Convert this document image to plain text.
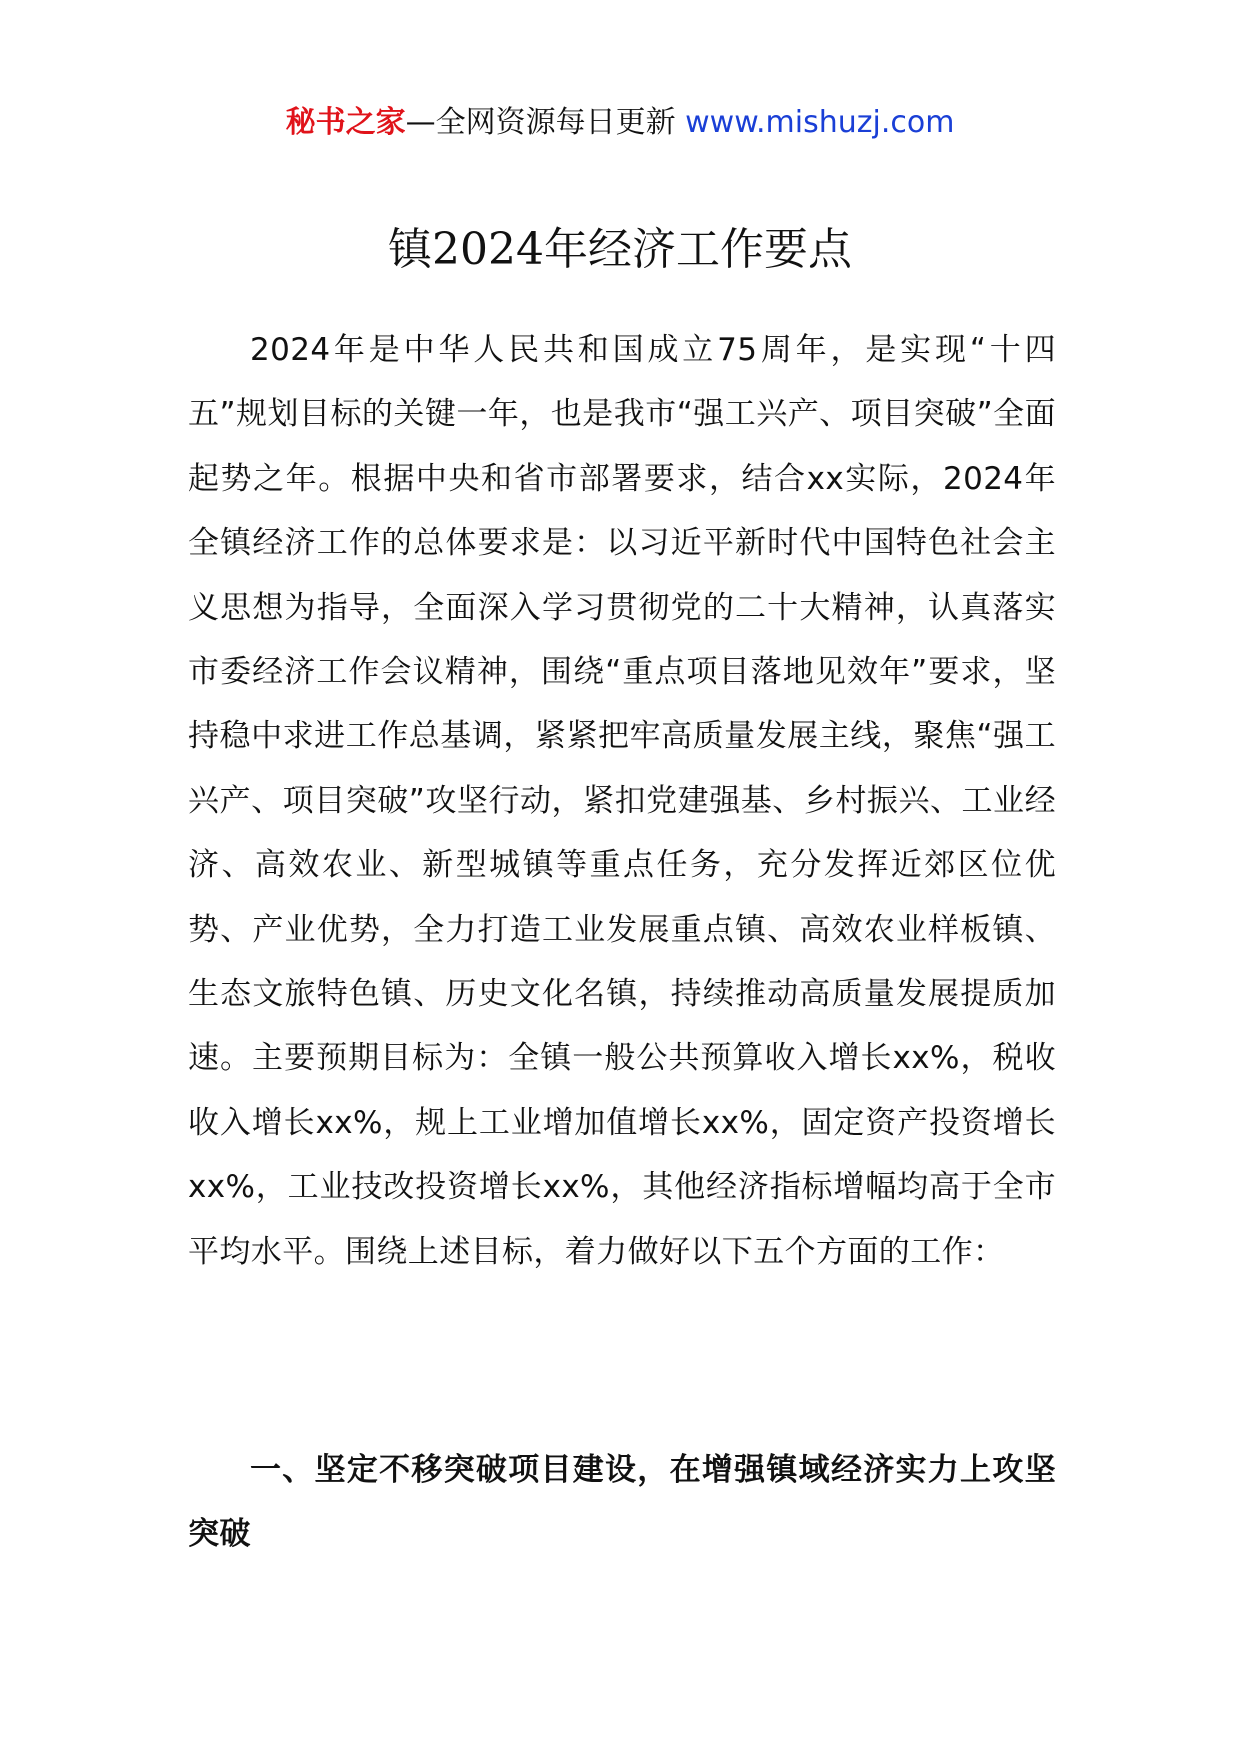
秘书之家—全网资源每日更新 www.mishuzj.com
镇2024年经济工作要点

2024年是中华人民共和国成立75周年，是实现“十四五”规划目标的关键一年，也是我市“强工兴产、项目突破”全面起势之年。根据中央和省市部署要求，结合xx实际，2024年全镇经济工作的总体要求是：以习近平新时代中国特色社会主义思想为指导，全面深入学习贯彻党的二十大精神，认真落实市委经济工作会议精神，围绕“重点项目落地见效年”要求，坚持稳中求进工作总基调，紧紧把牢高质量发展主线，聚焦“强工兴产、项目突破”攻坚行动，紧扣党建强基、乡村振兴、工业经济、高效农业、新型城镇等重点任务，充分发挥近郊区位优势、产业优势，全力打造工业发展重点镇、高效农业样板镇、生态文旅特色镇、历史文化名镇，持续推动高质量发展提质加速。主要预期目标为：全镇一般公共预算收入增长xx%，税收收入增长xx%，规上工业增加值增长xx%，固定资产投资增长xx%，工业技改投资增长xx%，其他经济指标增幅均高于全市平均水平。围绕上述目标，着力做好以下五个方面的工作：

一、坚定不移突破项目建设，在增强镇域经济实力上攻坚突破
